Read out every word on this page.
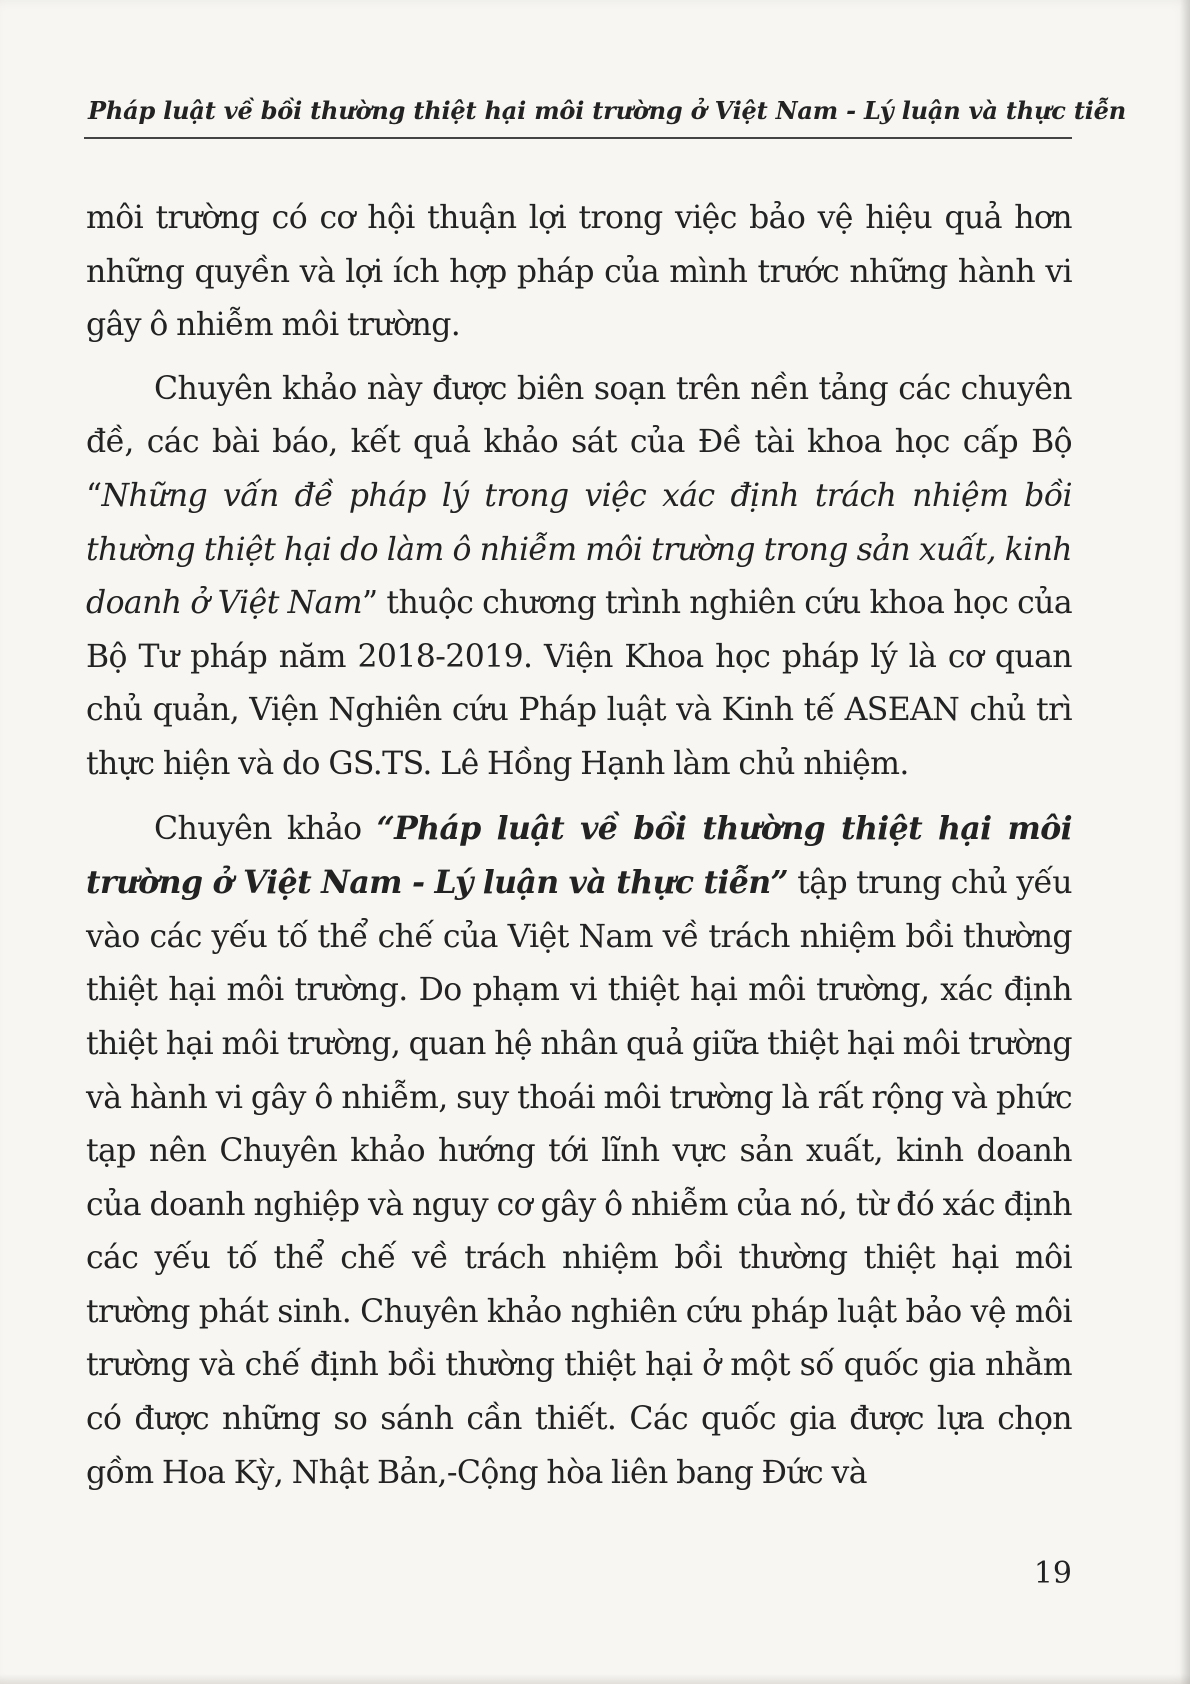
Pháp luật về bồi thường thiệt hại môi trường ở Việt Nam - Lý luận và thực tiễn

môi trường có cơ hội thuận lợi trong việc bảo vệ hiệu quả hơn những quyền và lợi ích hợp pháp của mình trước những hành vi gây ô nhiễm môi trường.

Chuyên khảo này được biên soạn trên nền tảng các chuyên đề, các bài báo, kết quả khảo sát của Đề tài khoa học cấp Bộ “Những vấn đề pháp lý trong việc xác định trách nhiệm bồi thường thiệt hại do làm ô nhiễm môi trường trong sản xuất, kinh doanh ở Việt Nam” thuộc chương trình nghiên cứu khoa học của Bộ Tư pháp năm 2018-2019. Viện Khoa học pháp lý là cơ quan chủ quản, Viện Nghiên cứu Pháp luật và Kinh tế ASEAN chủ trì thực hiện và do GS.TS. Lê Hồng Hạnh làm chủ nhiệm.

Chuyên khảo “Pháp luật về bồi thường thiệt hại môi trường ở Việt Nam - Lý luận và thực tiễn” tập trung chủ yếu vào các yếu tố thể chế của Việt Nam về trách nhiệm bồi thường thiệt hại môi trường. Do phạm vi thiệt hại môi trường, xác định thiệt hại môi trường, quan hệ nhân quả giữa thiệt hại môi trường và hành vi gây ô nhiễm, suy thoái môi trường là rất rộng và phức tạp nên Chuyên khảo hướng tới lĩnh vực sản xuất, kinh doanh của doanh nghiệp và nguy cơ gây ô nhiễm của nó, từ đó xác định các yếu tố thể chế về trách nhiệm bồi thường thiệt hại môi trường phát sinh. Chuyên khảo nghiên cứu pháp luật bảo vệ môi trường và chế định bồi thường thiệt hại ở một số quốc gia nhằm có được những so sánh cần thiết. Các quốc gia được lựa chọn gồm Hoa Kỳ, Nhật Bản,-Cộng hòa liên bang Đức và

19
